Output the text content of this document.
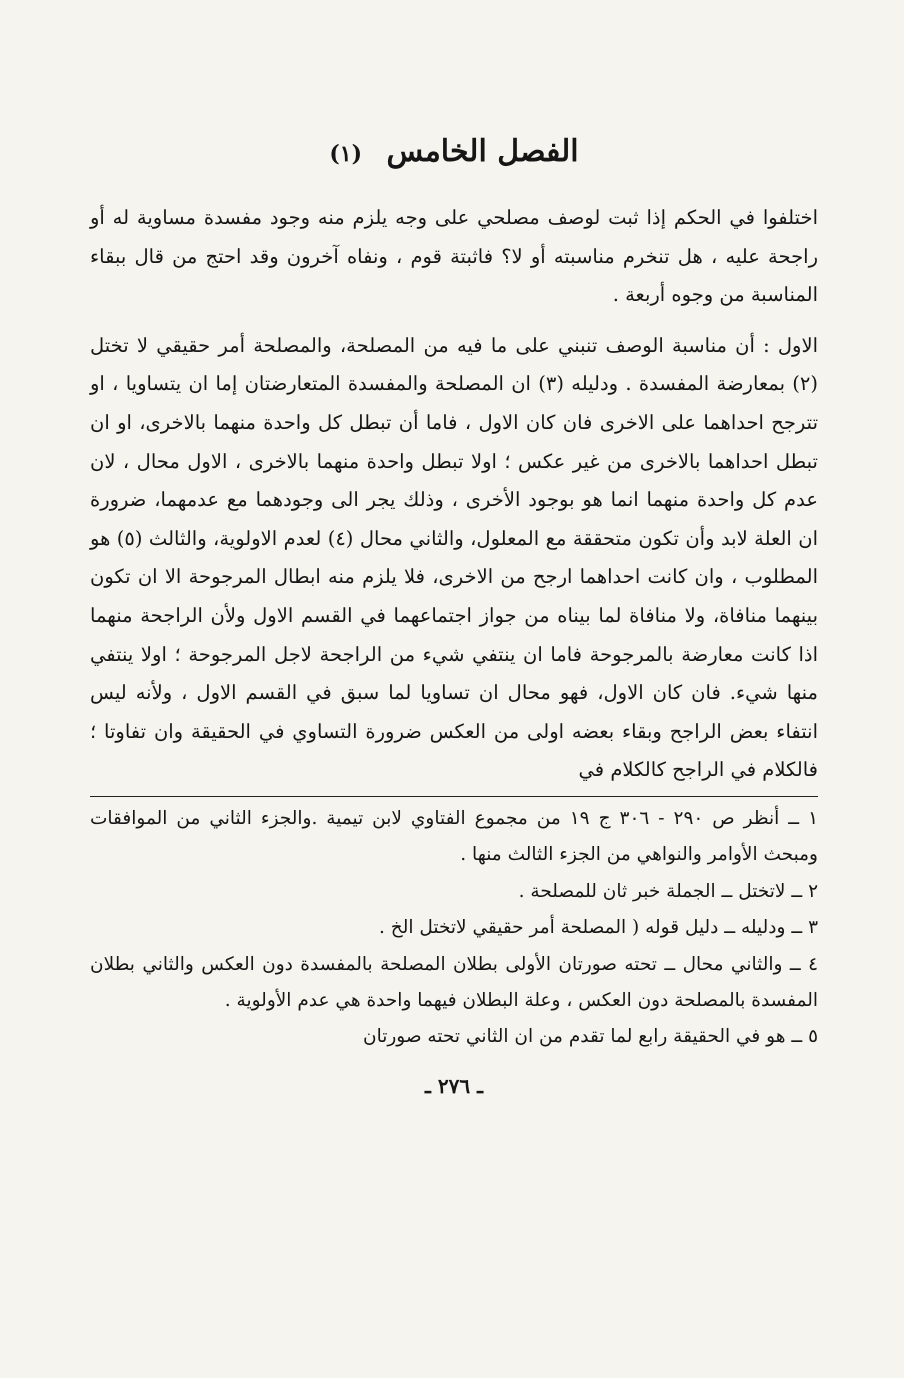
الفصل الخامس (١)

اختلفوا في الحكم إذا ثبت لوصف مصلحي على وجه يلزم منه وجود مفسدة مساوية له أو راجحة عليه ، هل تنخرم مناسبته أو لا؟ فاثبتة قوم ، ونفاه آخرون وقد احتج من قال ببقاء المناسبة من وجوه أربعة .

الاول : أن مناسبة الوصف تنبني على ما فيه من المصلحة، والمصلحة أمر حقيقي لا تختل (٢) بمعارضة المفسدة . ودليله (٣) ان المصلحة والمفسدة المتعارضتان إما ان يتساويا ، او تترجح احداهما على الاخرى فان كان الاول ، فاما أن تبطل كل واحدة منهما بالاخرى، او ان تبطل احداهما بالاخرى من غير عكس ؛ اولا تبطل واحدة منهما بالاخرى ، الاول محال ، لان عدم كل واحدة منهما انما هو بوجود الأخرى ، وذلك يجر الى وجودهما مع عدمهما، ضرورة ان العلة لابد وأن تكون متحققة مع المعلول، والثاني محال (٤) لعدم الاولوية، والثالث (٥) هو المطلوب ، وان كانت احداهما ارجح من الاخرى، فلا يلزم منه ابطال المرجوحة الا ان تكون بينهما منافاة، ولا منافاة لما بيناه من جواز اجتماعهما في القسم الاول ولأن الراجحة منهما اذا كانت معارضة بالمرجوحة فاما ان ينتفي شيء من الراجحة لاجل المرجوحة ؛ اولا ينتفي منها شيء. فان كان الاول، فهو محال ان تساويا لما سبق في القسم الاول ، ولأنه ليس انتفاء بعض الراجح وبقاء بعضه اولى من العكس ضرورة التساوي في الحقيقة وان تفاوتا ؛ فالكلام في الراجح كالكلام في

١ ــ أنظر ص ٢٩٠ - ٣٠٦ ج ١٩ من مجموع الفتاوي لابن تيمية .والجزء الثاني من الموافقات ومبحث الأوامر والنواهي من الجزء الثالث منها .

٢ ــ لاتختل ــ الجملة خبر ثان للمصلحة .

٣ ــ ودليله ــ دليل قوله ( المصلحة أمر حقيقي لاتختل الخ .

٤ ــ والثاني محال ــ تحته صورتان الأولى بطلان المصلحة بالمفسدة دون العكس والثاني بطلان المفسدة بالمصلحة دون العكس ، وعلة البطلان فيهما واحدة هي عدم الأولوية .

٥ ــ هو في الحقيقة رابع لما تقدم من ان الثاني تحته صورتان

ـ ٢٧٦ ـ
